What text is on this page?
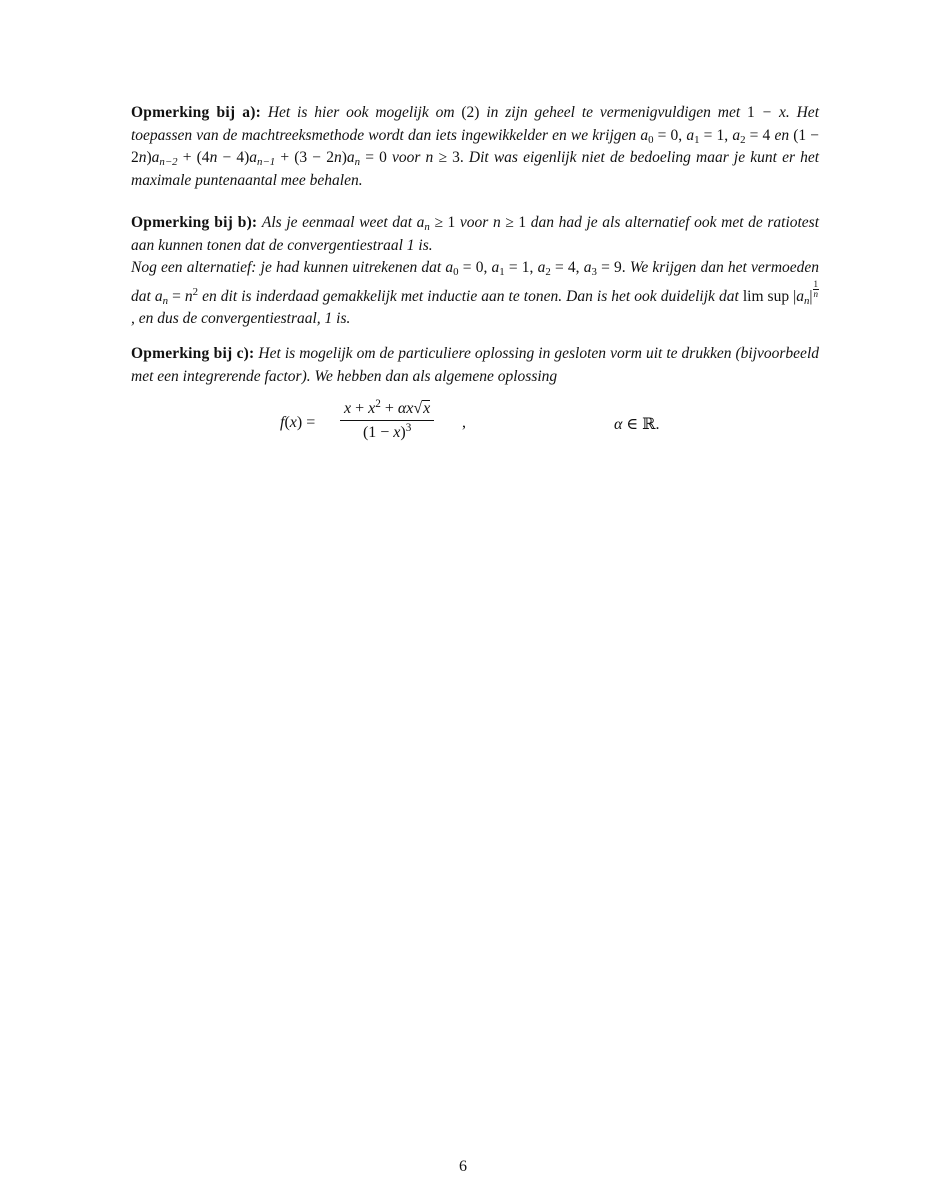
Opmerking bij a): Het is hier ook mogelijk om (2) in zijn geheel te vermenigvuldigen met 1 − x. Het toepassen van de machtreeksmethode wordt dan iets ingewikkelder en we krijgen $a_0 = 0$, $a_1 = 1$, $a_2 = 4$ en $(1 - 2n)a_{n-2} + (4n - 4)a_{n-1} + (3 - 2n)a_n = 0$ voor n ≥ 3. Dit was eigenlijk niet de bedoeling maar je kunt er het maximale puntenaantal mee behalen.
Opmerking bij b): Als je eenmaal weet dat $a_n \ge 1$ voor n ≥ 1 dan had je als alternatief ook met de ratiotest aan kunnen tonen dat de convergentiestraal 1 is.
Nog een alternatief: je had kunnen uitrekenen dat $a_0 = 0$, $a_1 = 1$, $a_2 = 4$, $a_3 = 9$. We krijgen dan het vermoeden dat $a_n = n^2$ en dit is inderdaad gemakkelijk met inductie aan te tonen. Dan is het ook duidelijk dat lim sup $|a_n| \frac{1}{n}$
, en dus de convergentiestraal, 1 is.
Opmerking bij c): Het is mogelijk om de particuliere oplossing in gesloten vorm uit te drukken (bijvoorbeeld met een integrerende factor). We hebben dan als algemene oplossing
$f(x) = \frac{x + x^2 + \alpha x√x}{(1 - x)^3}$ ,	α ∈ ℝ.
6
